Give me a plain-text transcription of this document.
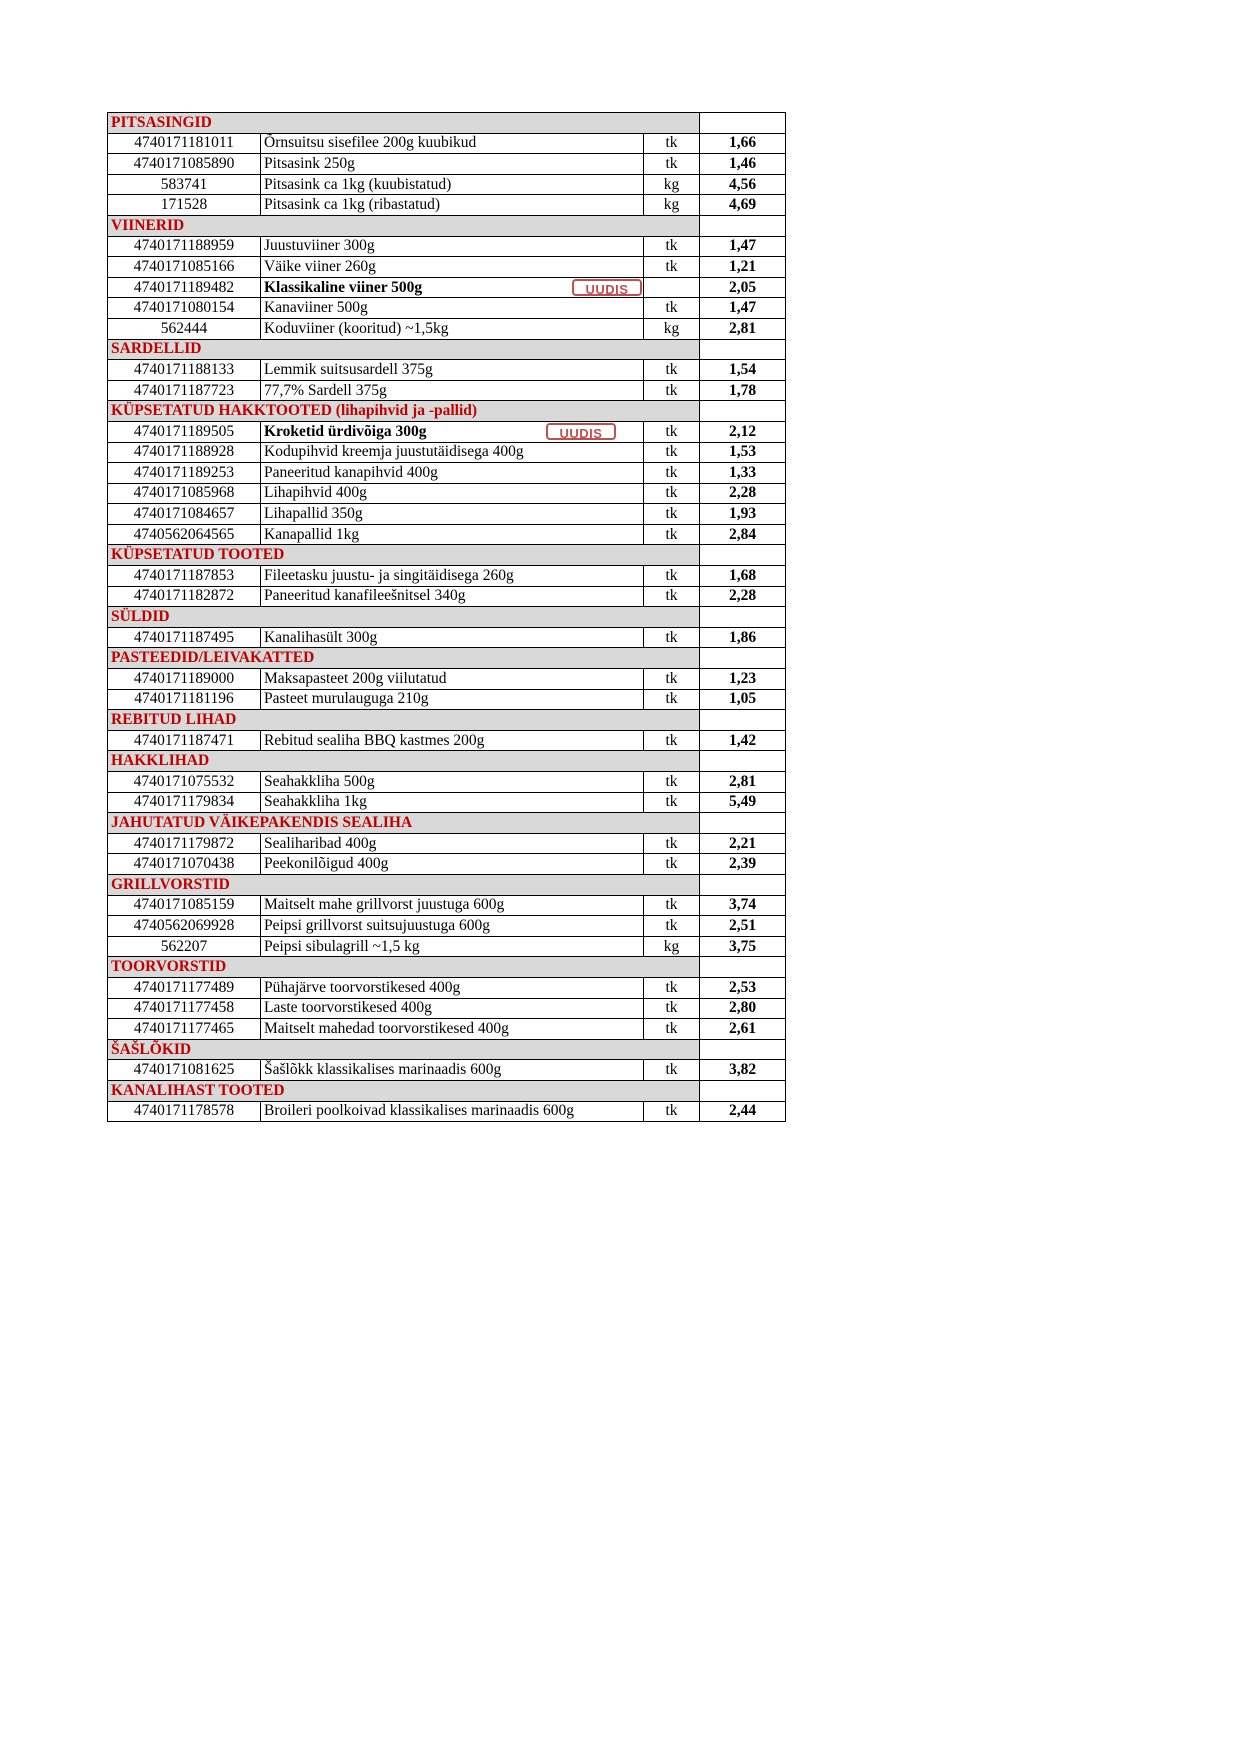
PITSASINGID			
4740171181011	Õrnsuitsu sisefilee 200g kuubikud	tk	1,66
4740171085890	Pitsasink 250g	tk	1,46
583741	Pitsasink ca 1kg (kuubistatud)	kg	4,56
171528	Pitsasink ca 1kg (ribastatud)	kg	4,69
VIINERID			
4740171188959	Juustuviiner 300g	tk	1,47
4740171085166	Väike viiner 260g	tk	1,21
4740171189482	Klassikaline viiner 500g UUDIS		2,05
4740171080154	Kanaviiner 500g	tk	1,47
562444	Koduviiner (kooritud) ~1,5kg	kg	2,81
SARDELLID			
4740171188133	Lemmik suitsusardell 375g	tk	1,54
4740171187723	77,7% Sardell 375g	tk	1,78
KÜPSETATUD HAKKTOOTED (lihapihvid ja -pallid)			
4740171189505	Kroketid ürdivõiga 300g UUDIS	tk	2,12
4740171188928	Kodupihvid kreemja juustutäidisega 400g	tk	1,53
4740171189253	Paneeritud kanapihvid 400g	tk	1,33
4740171085968	Lihapihvid 400g	tk	2,28
4740171084657	Lihapallid 350g	tk	1,93
4740562064565	Kanapallid 1kg	tk	2,84
KÜPSETATUD TOOTED			
4740171187853	Fileetasku juustu- ja singitäidisega 260g	tk	1,68
4740171182872	Paneeritud kanafileešnitsel 340g	tk	2,28
SÜLDID			
4740171187495	Kanalihasült 300g	tk	1,86
PASTEEDID/LEIVAKATTED			
4740171189000	Maksapasteet 200g viilutatud	tk	1,23
4740171181196	Pasteet murulauguga 210g	tk	1,05
REBITUD LIHAD			
4740171187471	Rebitud sealiha BBQ kastmes 200g	tk	1,42
HAKKLIHAD			
4740171075532	Seahakkliha 500g	tk	2,81
4740171179834	Seahakkliha 1kg	tk	5,49
JAHUTATUD VÄIKEPAKENDIS SEALIHA			
4740171179872	Sealiharibad 400g	tk	2,21
4740171070438	Peekonilõigud 400g	tk	2,39
GRILLVORSTID			
4740171085159	Maitselt mahe grillvorst juustuga 600g	tk	3,74
4740562069928	Peipsi grillvorst suitsujuustuga 600g	tk	2,51
562207	Peipsi sibulagrill ~1,5 kg	kg	3,75
TOORVORSTID			
4740171177489	Pühajärve toorvorstikesed 400g	tk	2,53
4740171177458	Laste toorvorstikesed 400g	tk	2,80
4740171177465	Maitselt mahedad toorvorstikesed 400g	tk	2,61
ŠAŠLÕKID			
4740171081625	Šašlõkk klassikalises marinaadis 600g	tk	3,82
KANALIHAST TOOTED			
4740171178578	Broileri poolkoivad klassikalises marinaadis 600g	tk	2,44
